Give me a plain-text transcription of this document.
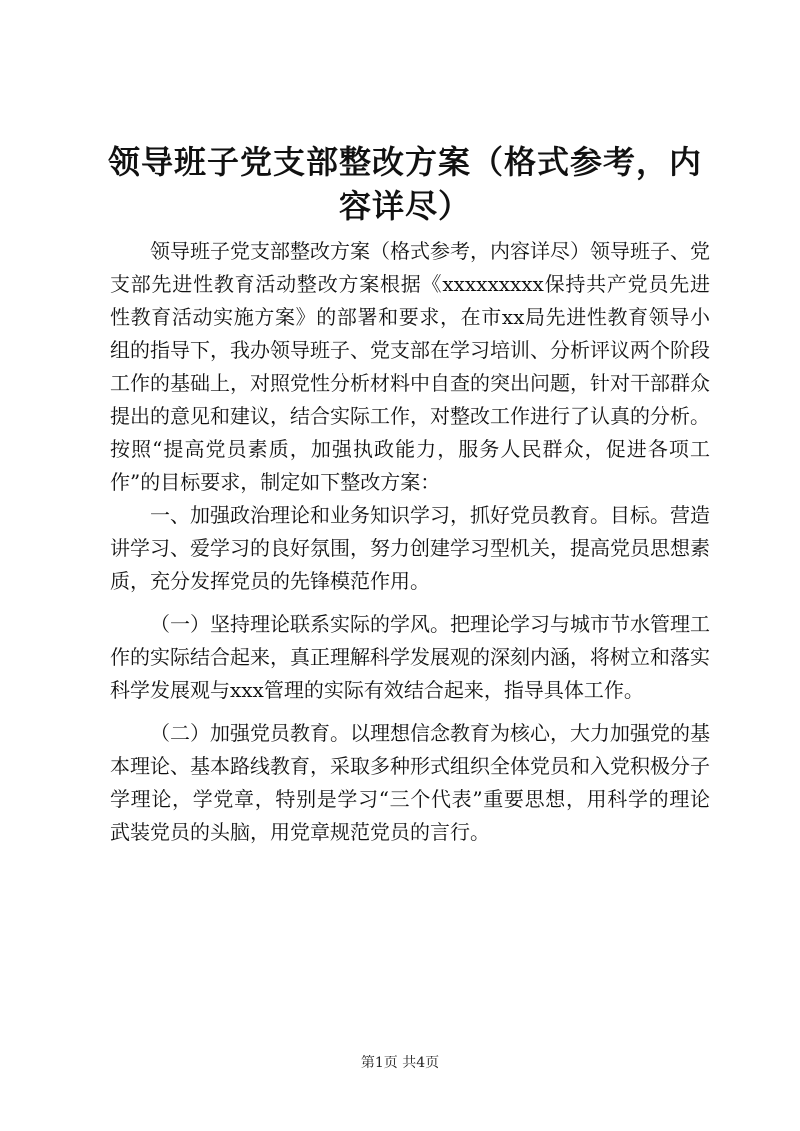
领导班子党支部整改方案（格式参考，内容详尽）

领导班子党支部整改方案（格式参考，内容详尽）领导班子、党支部先进性教育活动整改方案根据《xxxxxxxxx保持共产党员先进性教育活动实施方案》的部署和要求，在市xx局先进性教育领导小组的指导下，我办领导班子、党支部在学习培训、分析评议两个阶段工作的基础上，对照党性分析材料中自查的突出问题，针对干部群众提出的意见和建议，结合实际工作，对整改工作进行了认真的分析。按照“提高党员素质，加强执政能力，服务人民群众，促进各项工作”的目标要求，制定如下整改方案：

一、加强政治理论和业务知识学习，抓好党员教育。目标。营造讲学习、爱学习的良好氛围，努力创建学习型机关，提高党员思想素质，充分发挥党员的先锋模范作用。

（一）坚持理论联系实际的学风。把理论学习与城市节水管理工作的实际结合起来，真正理解科学发展观的深刻内涵，将树立和落实科学发展观与xxx管理的实际有效结合起来，指导具体工作。

（二）加强党员教育。以理想信念教育为核心，大力加强党的基本理论、基本路线教育，采取多种形式组织全体党员和入党积极分子学理论，学党章，特别是学习“三个代表”重要思想，用科学的理论武装党员的头脑，用党章规范党员的言行。

第1页 共4页
